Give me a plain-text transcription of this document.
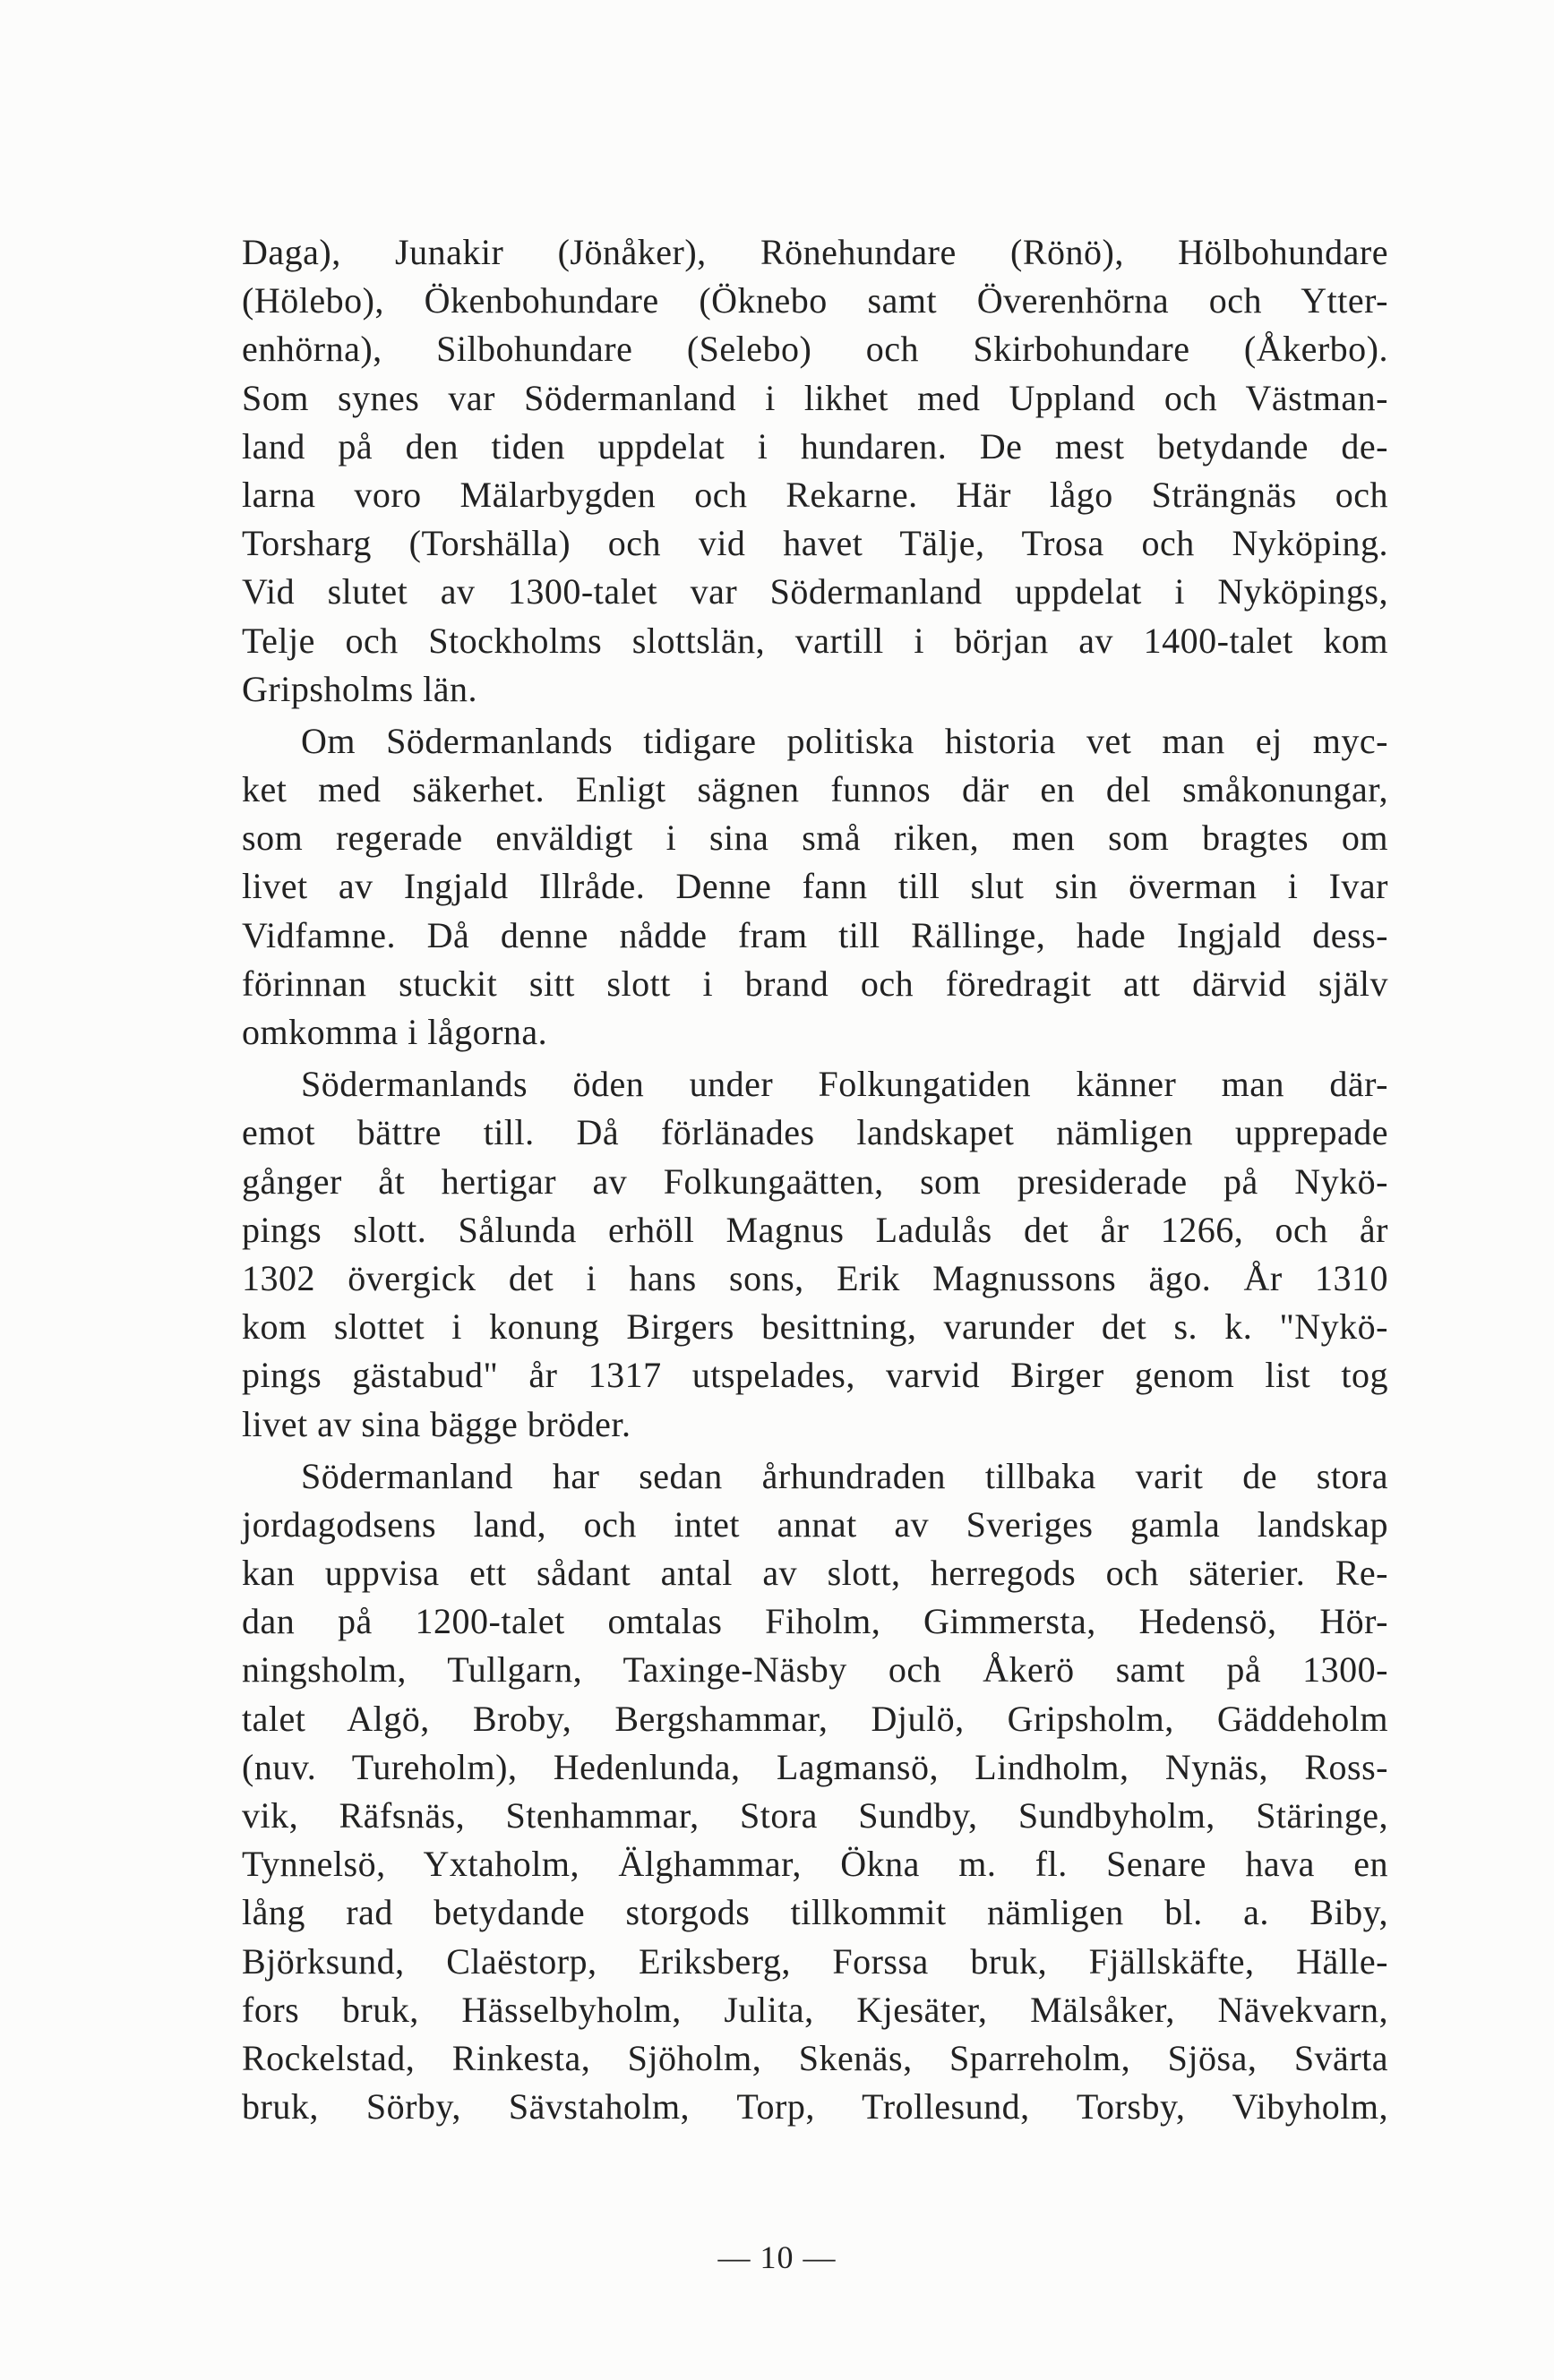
Daga), Junakir (Jönåker), Rönehundare (Rönö), Hölbohundare
(Hölebo), Ökenbohundare (Öknebo samt Överenhörna och Ytter-
enhörna), Silbohundare (Selebo) och Skirbohundare (Åkerbo).
Som synes var Södermanland i likhet med Uppland och Västman-
land på den tiden uppdelat i hundaren. De mest betydande de-
larna voro Mälarbygden och Rekarne. Här lågo Strängnäs och
Torsharg (Torshälla) och vid havet Tälje, Trosa och Nyköping.
Vid slutet av 1300-talet var Södermanland uppdelat i Nyköpings,
Telje och Stockholms slottslän, vartill i början av 1400-talet kom
Gripsholms län.
Om Södermanlands tidigare politiska historia vet man ej myc-
ket med säkerhet. Enligt sägnen funnos där en del småkonungar,
som regerade enväldigt i sina små riken, men som bragtes om
livet av Ingjald Illråde. Denne fann till slut sin överman i Ivar
Vidfamne. Då denne nådde fram till Rällinge, hade Ingjald dess-
förinnan stuckit sitt slott i brand och föredragit att därvid själv
omkomma i lågorna.
Södermanlands öden under Folkungatiden känner man där-
emot bättre till. Då förlänades landskapet nämligen upprepade
gånger åt hertigar av Folkungaätten, som presiderade på Nykö-
pings slott. Sålunda erhöll Magnus Ladulås det år 1266, och år
1302 övergick det i hans sons, Erik Magnussons ägo. År 1310
kom slottet i konung Birgers besittning, varunder det s. k. "Nykö-
pings gästabud" år 1317 utspelades, varvid Birger genom list tog
livet av sina bägge bröder.
Södermanland har sedan århundraden tillbaka varit de stora
jordagodsens land, och intet annat av Sveriges gamla landskap
kan uppvisa ett sådant antal av slott, herregods och säterier. Re-
dan på 1200-talet omtalas Fiholm, Gimmersta, Hedensö, Hör-
ningsholm, Tullgarn, Taxinge-Näsby och Åkerö samt på 1300-
talet Algö, Broby, Bergshammar, Djulö, Gripsholm, Gäddeholm
(nuv. Tureholm), Hedenlunda, Lagmansö, Lindholm, Nynäs, Ross-
vik, Räfsnäs, Stenhammar, Stora Sundby, Sundbyholm, Stäringe,
Tynnelsö, Yxtaholm, Älghammar, Ökna m. fl. Senare hava en
lång rad betydande storgods tillkommit nämligen bl. a. Biby,
Björksund, Claëstorp, Eriksberg, Forssa bruk, Fjällskäfte, Hälle-
fors bruk, Hässelbyholm, Julita, Kjesäter, Mälsåker, Nävekvarn,
Rockelstad, Rinkesta, Sjöholm, Skenäs, Sparreholm, Sjösa, Svärta
bruk, Sörby, Sävstaholm, Torp, Trollesund, Torsby, Vibyholm,
— 10 —
